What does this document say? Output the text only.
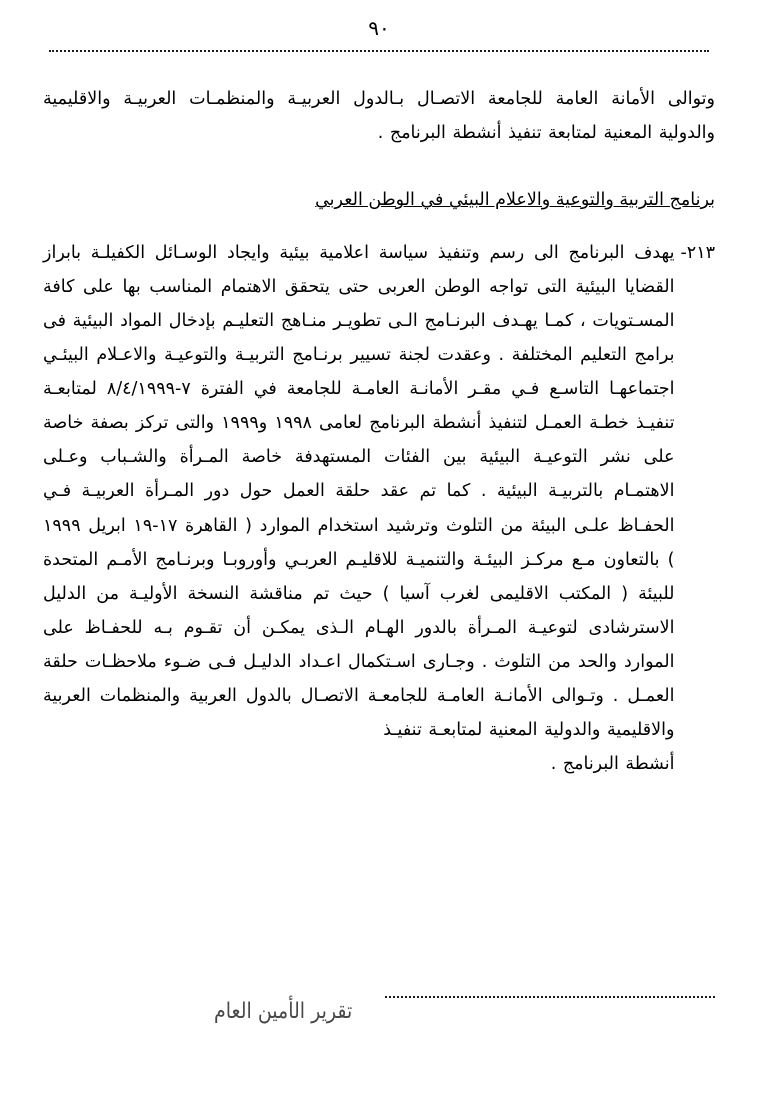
٩٠

وتوالى الأمانة العامة للجامعة الاتصـال بـالدول العربيـة والمنظمـات العربيـة والاقليمية والدولية المعنية لمتابعة تنفيذ أنشطة البرنامج .

برنامج التربية والتوعية والاعلام البيئي في الوطن العربي
٢١٣-
يهدف البرنامج الى رسم وتنفيذ سياسة اعلامية بيئية وايجاد الوسـائل الكفيلـة بابراز القضايا البيئية التى تواجه الوطن العربى حتى يتحقق الاهتمام المناسب بها على كافة المسـتويات ، كمـا يهـدف البرنـامج الـى تطويـر منـاهج التعليـم بإدخال المواد البيئية فى برامج التعليم المختلفة . وعقدت لجنة تسيير برنـامج التربيـة والتوعيـة والاعـلام البيئـي اجتماعهـا التاسـع فـي مقـر الأمانـة العامـة للجامعة في الفترة ٧-٨/٤/١٩٩٩ لمتابعـة تنفيـذ خطـة العمـل لتنفيذ أنشطة البرنامج لعامى ١٩٩٨ و١٩٩٩ والتى تركز بصفة خاصة على نشر التوعيـة البيئية بين الفئات المستهدفة خاصة المـرأة والشـباب وعـلى الاهتمـام بالتربيـة البيئية . كما تم عقد حلقة العمل حول دور المـرأة العربيـة فـي الحفـاظ علـى البيئة من التلوث وترشيد استخدام الموارد ( القاهرة ١٧-١٩ ابريل ١٩٩٩ ) بالتعاون مـع مركـز البيئـة والتنميـة للاقليـم العربـي وأوروبـا وبرنـامج الأمـم المتحدة للبيئة ( المكتب الاقليمى لغرب آسيا ) حيث تم مناقشة النسخة الأوليـة من الدليل الاسترشادى لتوعيـة المـرأة بالدور الهـام الـذى يمكـن أن تقـوم بـه للحفـاظ على الموارد والحد من التلوث . وجـارى اسـتكمال اعـداد الدليـل فـى ضـوء ملاحظـات حلقة العمـل . وتـوالى الأمانـة العامـة للجامعـة الاتصـال بالدول العربية والمنظمات العربية والاقليمية والدولية المعنية لمتابعـة تنفيـذ
أنشطة البرنامج .
تقرير الأمين العام
